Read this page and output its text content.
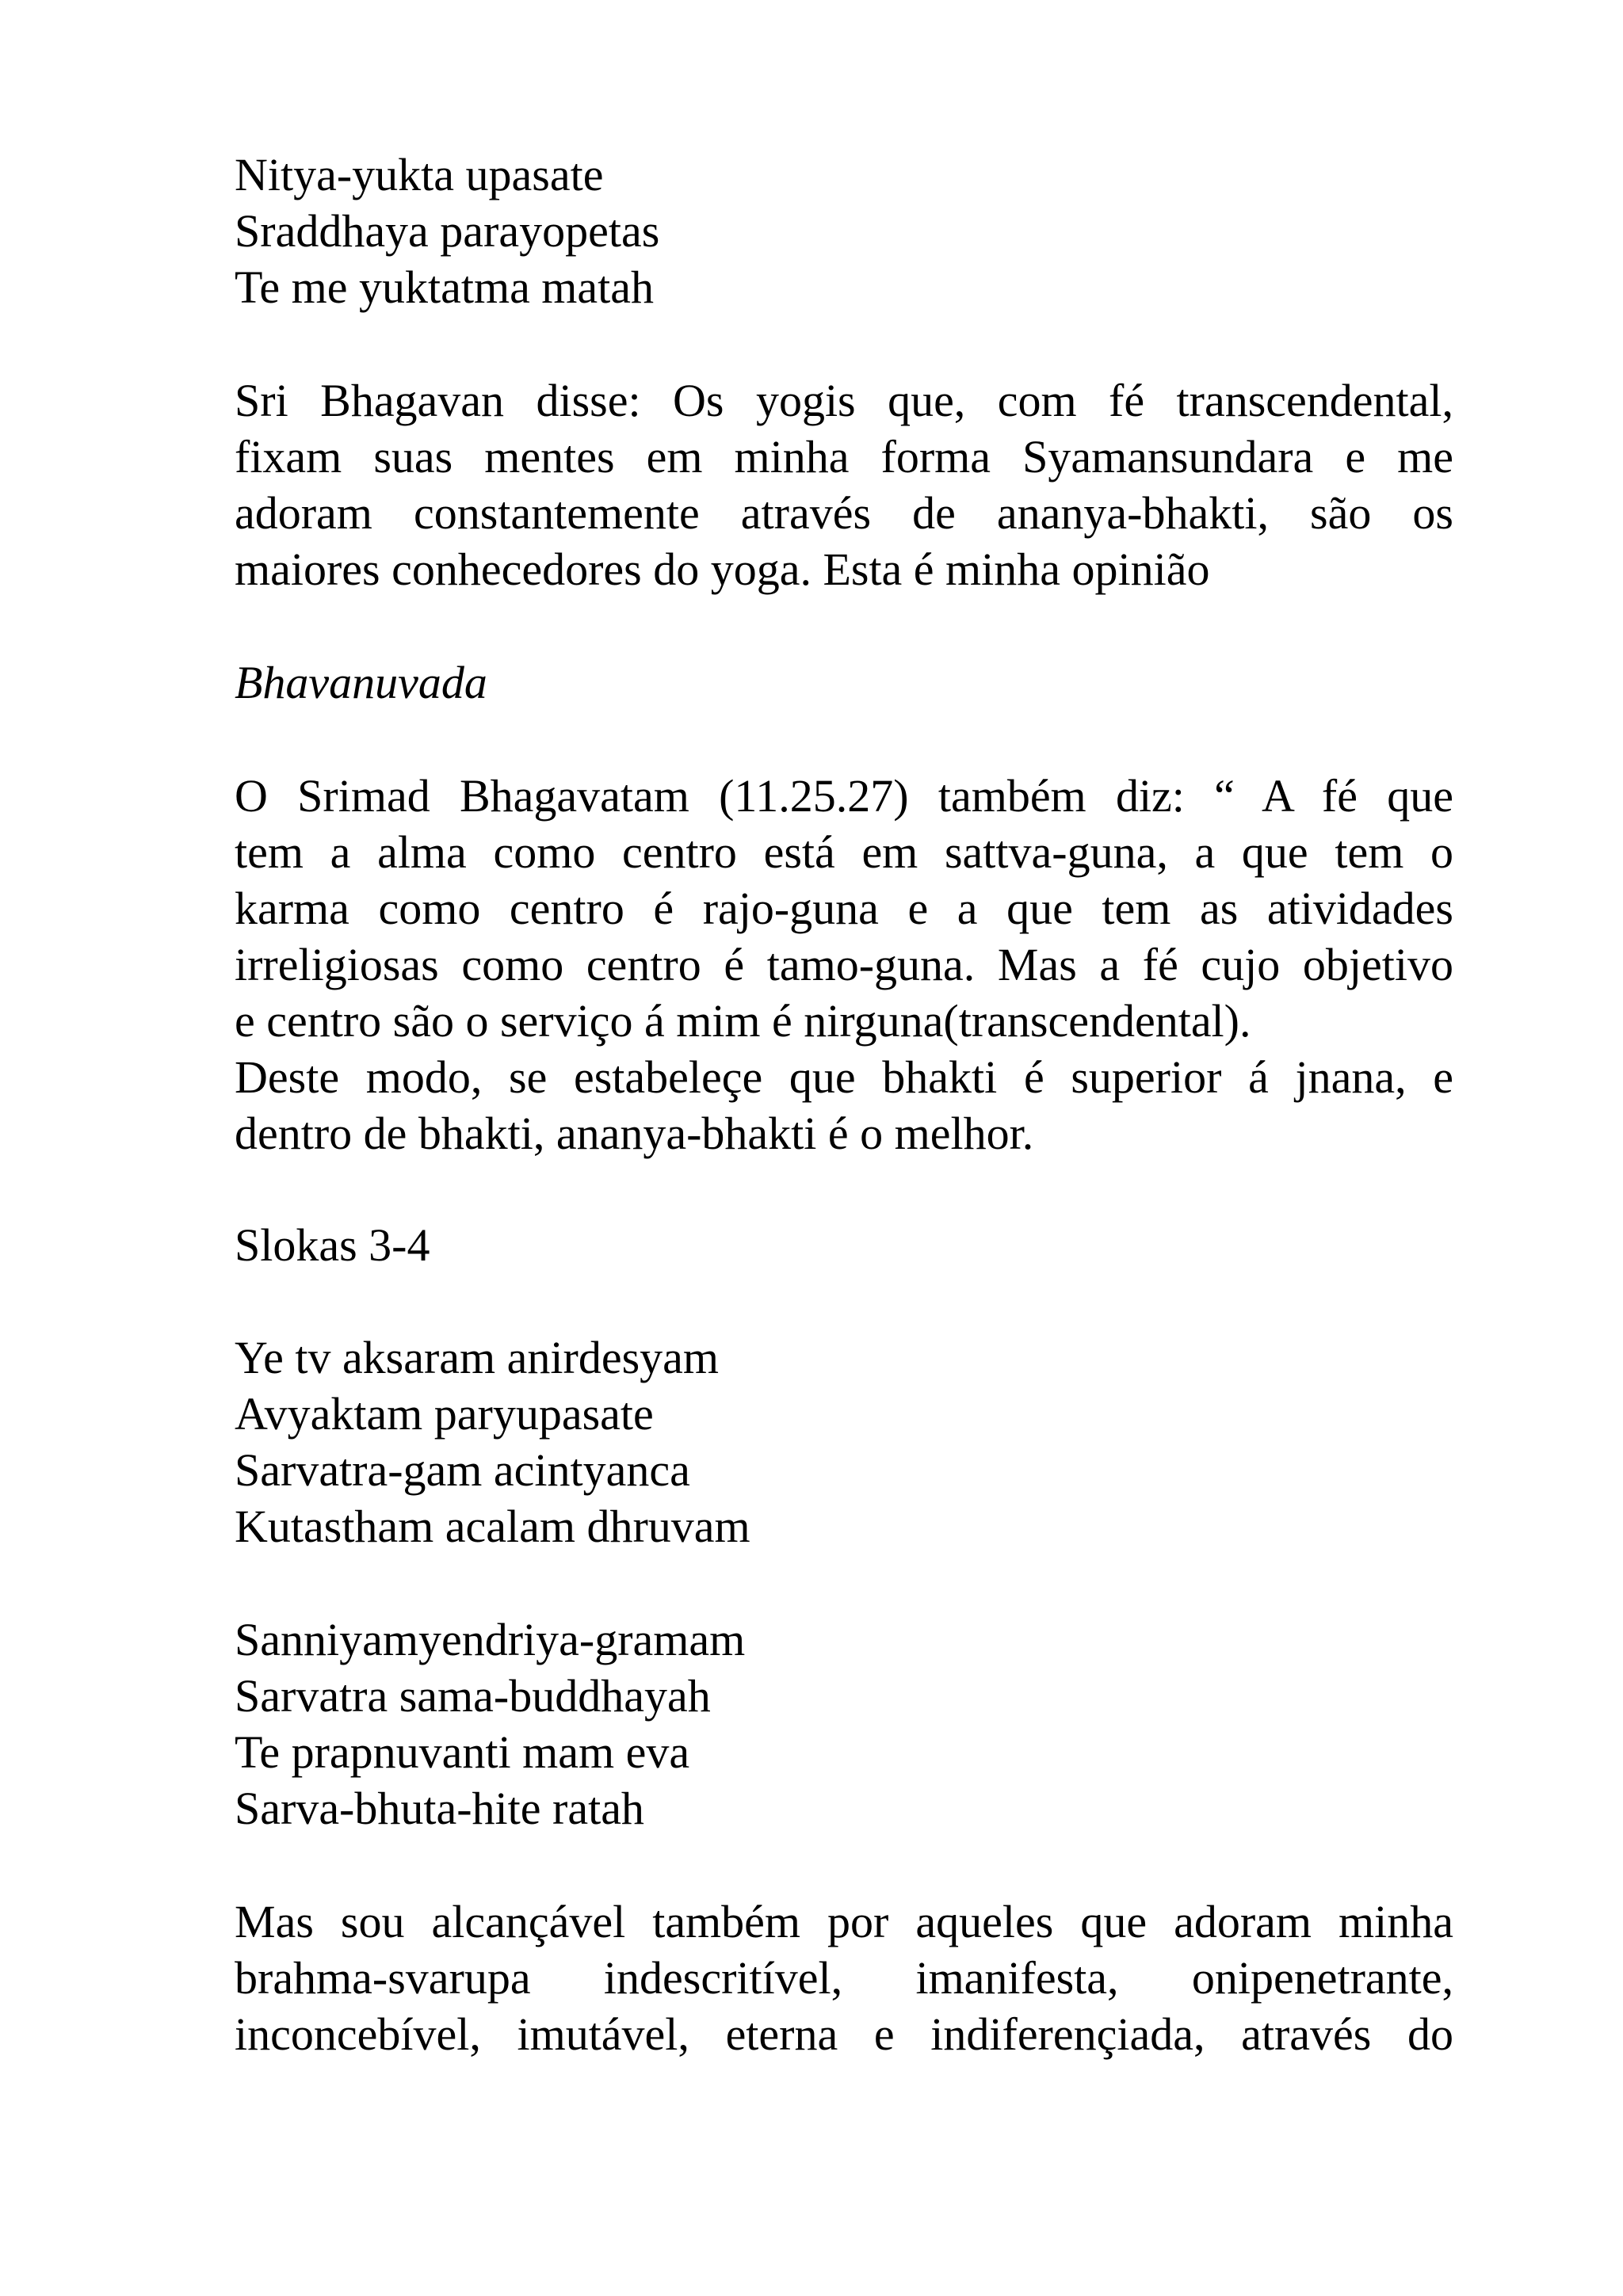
Nitya-yukta upasate
Sraddhaya parayopetas
Te me yuktatma matah
Sri Bhagavan disse: Os yogis que, com fé transcendental,
fixam suas mentes em minha forma Syamansundara e me
adoram constantemente através de ananya-bhakti, são os
maiores conhecedores do yoga. Esta é minha opinião
Bhavanuvada
O Srimad Bhagavatam (11.25.27) também diz: “ A fé que
tem a alma como centro está em sattva-guna, a que tem o
karma como centro é rajo-guna e a que tem as atividades
irreligiosas como centro é tamo-guna. Mas a fé cujo objetivo
e centro são o serviço á mim é nirguna(transcendental).
Deste modo, se estabeleçe que bhakti é superior á jnana, e
dentro de bhakti, ananya-bhakti é o melhor.
Slokas 3-4
Ye tv aksaram anirdesyam
Avyaktam paryupasate
Sarvatra-gam acintyanca
Kutastham acalam dhruvam
Sanniyamyendriya-gramam
Sarvatra sama-buddhayah
Te prapnuvanti mam eva
Sarva-bhuta-hite ratah
Mas sou alcançável também por aqueles que adoram minha
brahma-svarupa indescritível, imanifesta, onipenetrante,
inconcebível, imutável, eterna e indiferençiada, através do
